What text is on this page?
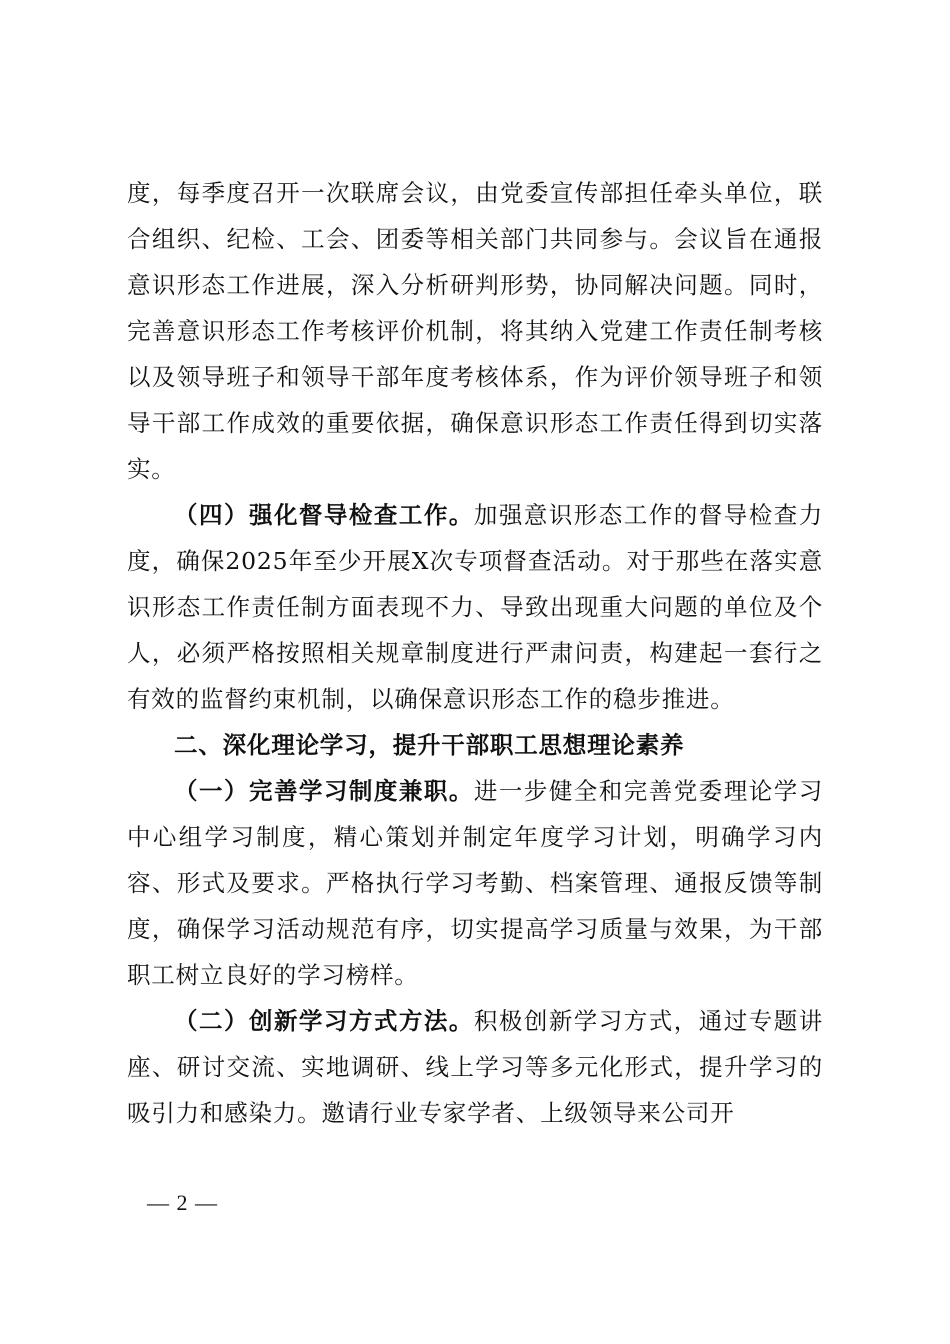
度，每季度召开一次联席会议，由党委宣传部担任牵头单位，联合组织、纪检、工会、团委等相关部门共同参与。会议旨在通报意识形态工作进展，深入分析研判形势，协同解决问题。同时，完善意识形态工作考核评价机制，将其纳入党建工作责任制考核以及领导班子和领导干部年度考核体系，作为评价领导班子和领导干部工作成效的重要依据，确保意识形态工作责任得到切实落实。

（四）强化督导检查工作。加强意识形态工作的督导检查力度，确保2025年至少开展X次专项督查活动。对于那些在落实意识形态工作责任制方面表现不力、导致出现重大问题的单位及个人，必须严格按照相关规章制度进行严肃问责，构建起一套行之有效的监督约束机制，以确保意识形态工作的稳步推进。

二、深化理论学习，提升干部职工思想理论素养

（一）完善学习制度兼职。进一步健全和完善党委理论学习中心组学习制度，精心策划并制定年度学习计划，明确学习内容、形式及要求。严格执行学习考勤、档案管理、通报反馈等制度，确保学习活动规范有序，切实提高学习质量与效果，为干部职工树立良好的学习榜样。

（二）创新学习方式方法。积极创新学习方式，通过专题讲座、研讨交流、实地调研、线上学习等多元化形式，提升学习的吸引力和感染力。邀请行业专家学者、上级领导来公司开

— 2 —
